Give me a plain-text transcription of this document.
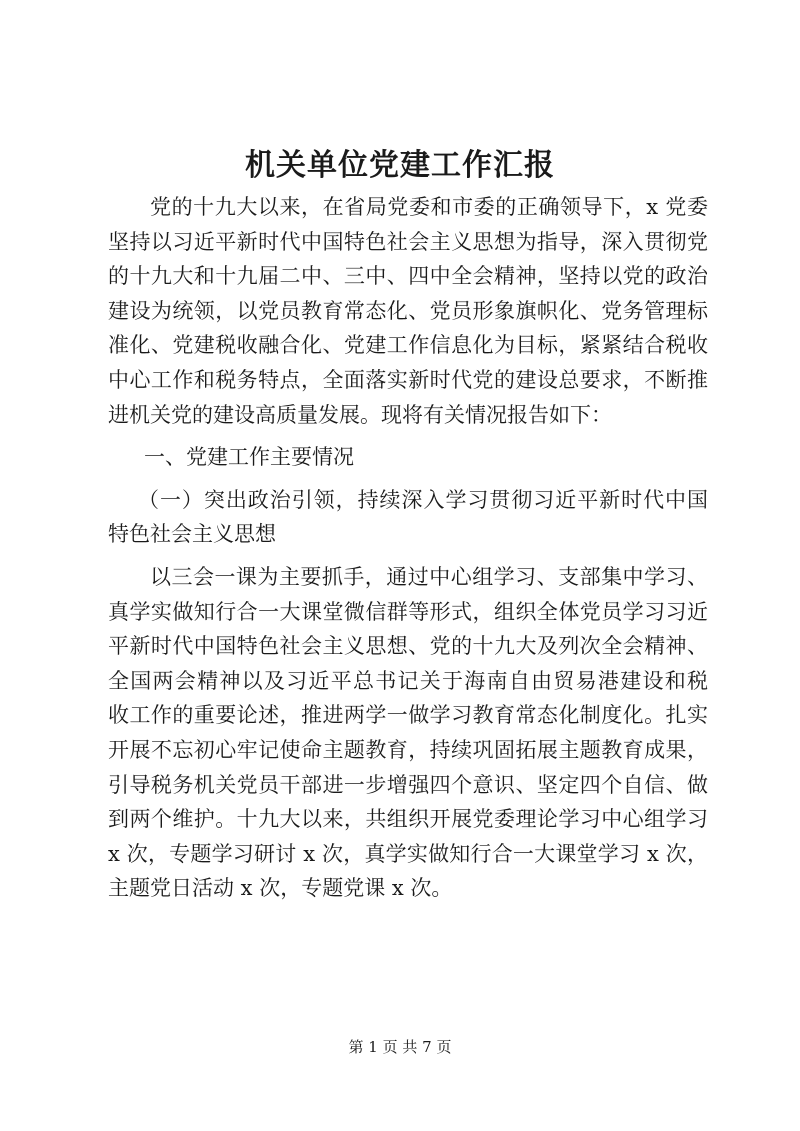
机关单位党建工作汇报

党的十九大以来，在省局党委和市委的正确领导下，x 党委
坚持以习近平新时代中国特色社会主义思想为指导，深入贯彻党
的十九大和十九届二中、三中、四中全会精神，坚持以党的政治
建设为统领，以党员教育常态化、党员形象旗帜化、党务管理标
准化、党建税收融合化、党建工作信息化为目标，紧紧结合税收
中心工作和税务特点，全面落实新时代党的建设总要求，不断推
进机关党的建设高质量发展。现将有关情况报告如下：

一、党建工作主要情况

（一）突出政治引领，持续深入学习贯彻习近平新时代中国
特色社会主义思想

以三会一课为主要抓手，通过中心组学习、支部集中学习、
真学实做知行合一大课堂微信群等形式，组织全体党员学习习近
平新时代中国特色社会主义思想、党的十九大及列次全会精神、
全国两会精神以及习近平总书记关于海南自由贸易港建设和税
收工作的重要论述，推进两学一做学习教育常态化制度化。扎实
开展不忘初心牢记使命主题教育，持续巩固拓展主题教育成果，
引导税务机关党员干部进一步增强四个意识、坚定四个自信、做
到两个维护。十九大以来，共组织开展党委理论学习中心组学习
x 次，专题学习研讨 x 次，真学实做知行合一大课堂学习 x 次，
主题党日活动 x 次，专题党课 x 次。

第 1 页 共 7 页
